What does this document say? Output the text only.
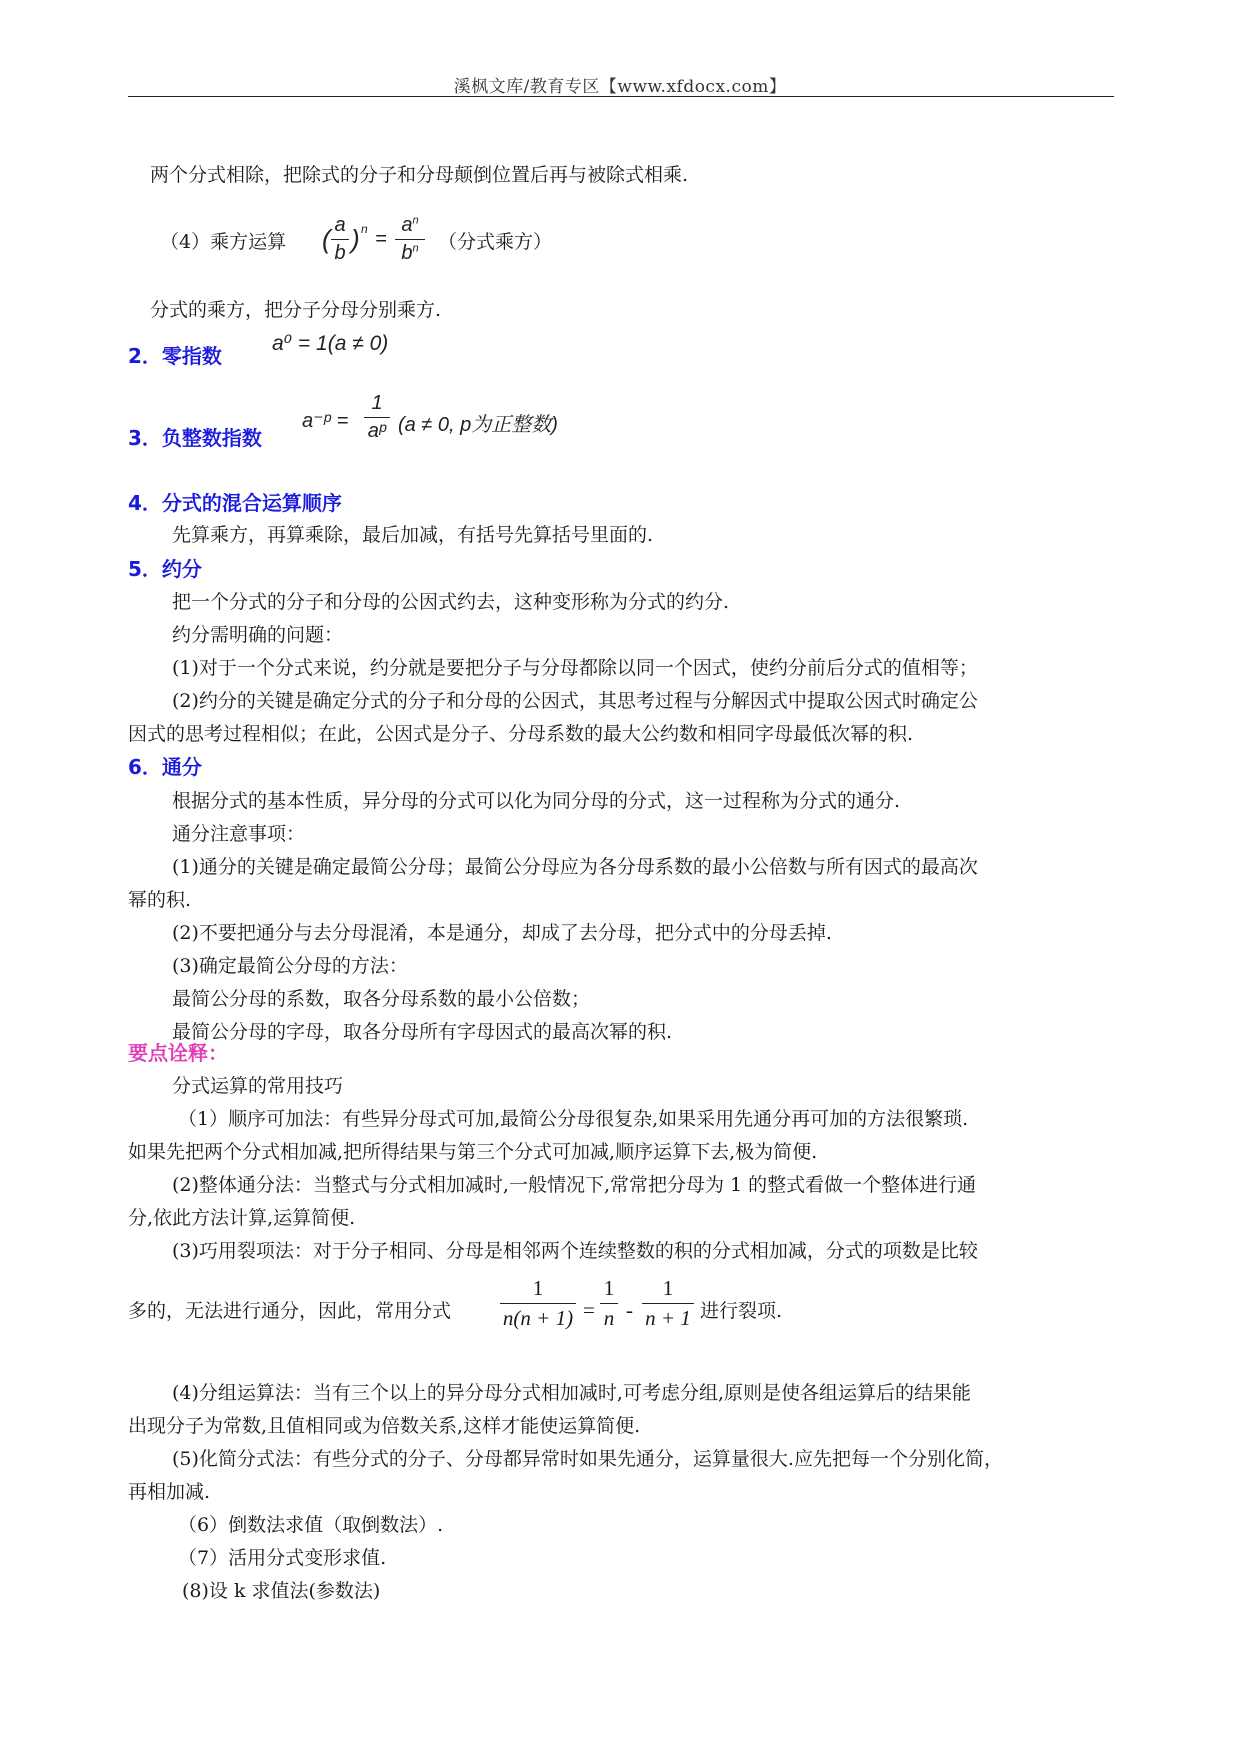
溪枫文库/教育专区【www.xfdocx.com】
两个分式相除，把除式的分子和分母颠倒位置后再与被除式相乘.
（4）乘方运算 ( a
b ) n =
$a^n$
$b^n$	（分式乘方）
分式的乘方，把分子分母分别乘方.
2．零指数
a⁰ = 1(a ≠ 0)
3．负整数指数
a⁻ᵖ =
1
aᵖ (a ≠ 0, p为正整数)
4．分式的混合运算顺序
先算乘方，再算乘除，最后加减，有括号先算括号里面的.
5．约分
把一个分式的分子和分母的公因式约去，这种变形称为分式的约分.
约分需明确的问题：
(1)对于一个分式来说，约分就是要把分子与分母都除以同一个因式，使约分前后分式的值相等；
(2)约分的关键是确定分式的分子和分母的公因式，其思考过程与分解因式中提取公因式时确定公
因式的思考过程相似；在此，公因式是分子、分母系数的最大公约数和相同字母最低次幂的积.
6．通分
根据分式的基本性质，异分母的分式可以化为同分母的分式，这一过程称为分式的通分.
通分注意事项：
(1)通分的关键是确定最简公分母；最简公分母应为各分母系数的最小公倍数与所有因式的最高次
幂的积.
(2)不要把通分与去分母混淆，本是通分，却成了去分母，把分式中的分母丢掉.
(3)确定最简公分母的方法：
最简公分母的系数，取各分母系数的最小公倍数；
最简公分母的字母，取各分母所有字母因式的最高次幂的积.
要点诠释：
分式运算的常用技巧
（1）顺序可加法：有些异分母式可加,最简公分母很复杂,如果采用先通分再可加的方法很繁琐.
如果先把两个分式相加减,把所得结果与第三个分式可加减,顺序运算下去,极为简便.
(2)整体通分法：当整式与分式相加减时,一般情况下,常常把分母为 1 的整式看做一个整体进行通
分,依此方法计算,运算简便.
(3)巧用裂项法：对于分子相同、分母是相邻两个连续整数的积的分式相加减，分式的项数是比较
多的，无法进行通分，因此，常用分式
1
n(n + 1) =
1
n -
1
n + 1 进行裂项.
(4)分组运算法：当有三个以上的异分母分式相加减时,可考虑分组,原则是使各组运算后的结果能
出现分子为常数,且值相同或为倍数关系,这样才能使运算简便.
(5)化简分式法：有些分式的分子、分母都异常时如果先通分，运算量很大.应先把每一个分别化简，
再相加减.
（6）倒数法求值（取倒数法）.
（7）活用分式变形求值.
(8)设 k 求值法(参数法)
